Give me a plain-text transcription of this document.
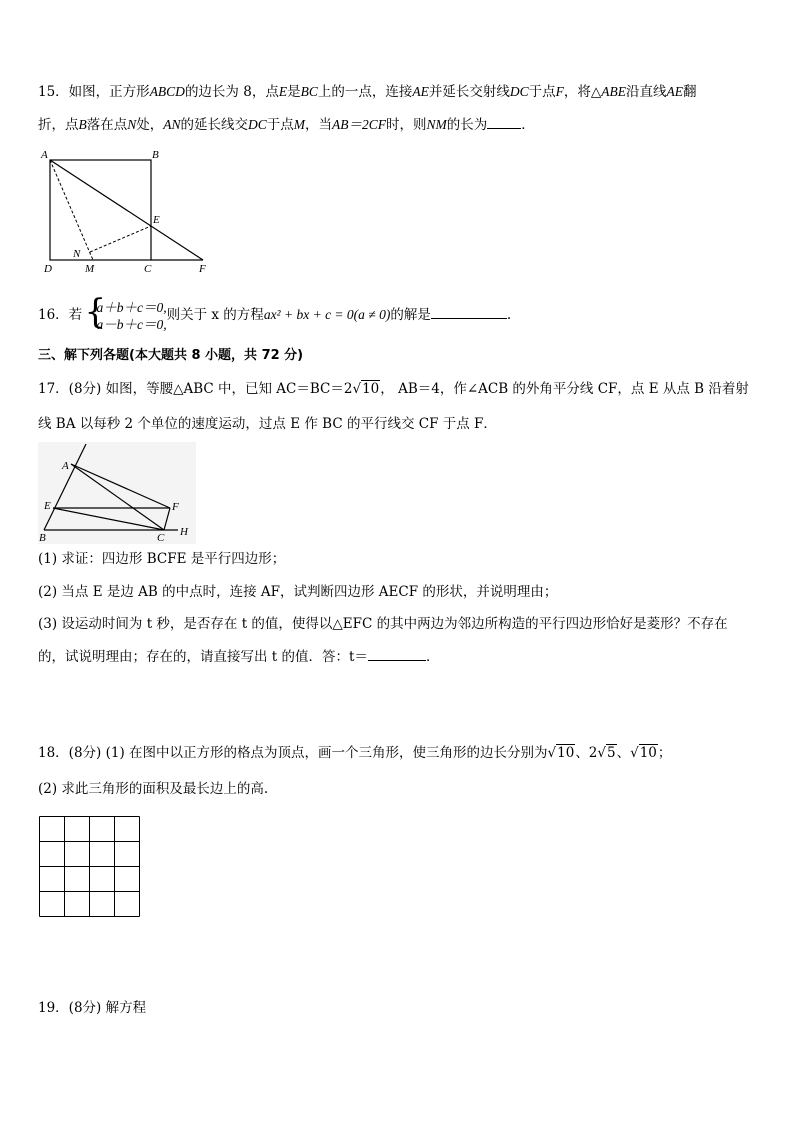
15．如图，正方形ABCD的边长为 8，点E是BC上的一点，连接AE并延长交射线DC于点F，将△ABE沿直线AE翻
折，点B落在点N处，AN的延长线交DC于点M，当AB＝2CF时，则NM的长为	．
A	B
E
N
M
D	C	F
16．若 {
a＋b＋c＝0,
a－b＋c＝0,
则关于 x 的方程ax² + bx + c = 0(a ≠ 0)的解是	.
三、解下列各题(本大题共 8 小题，共 72 分)
17．(8分) 如图，等腰△ABC 中，已知 AC＝BC＝2√10， AB＝4，作∠ACB 的外角平分线 CF，点 E 从点 B 沿着射
线 BA 以每秒 2 个单位的速度运动，过点 E 作 BC 的平行线交 CF 于点 F．
A
E	F
B	C H
(1) 求证：四边形 BCFE 是平行四边形；
(2) 当点 E 是边 AB 的中点时，连接 AF，试判断四边形 AECF 的形状，并说明理由；
(3) 设运动时间为 t 秒，是否存在 t 的值，使得以△EFC 的其中两边为邻边所构造的平行四边形恰好是菱形？不存在
的，试说明理由；存在的，请直接写出 t 的值．答：t＝	．
18．(8分) (1) 在图中以正方形的格点为顶点，画一个三角形，使三角形的边长分别为√10、2√5、√10；
(2) 求此三角形的面积及最长边上的高.
19．(8分) 解方程
